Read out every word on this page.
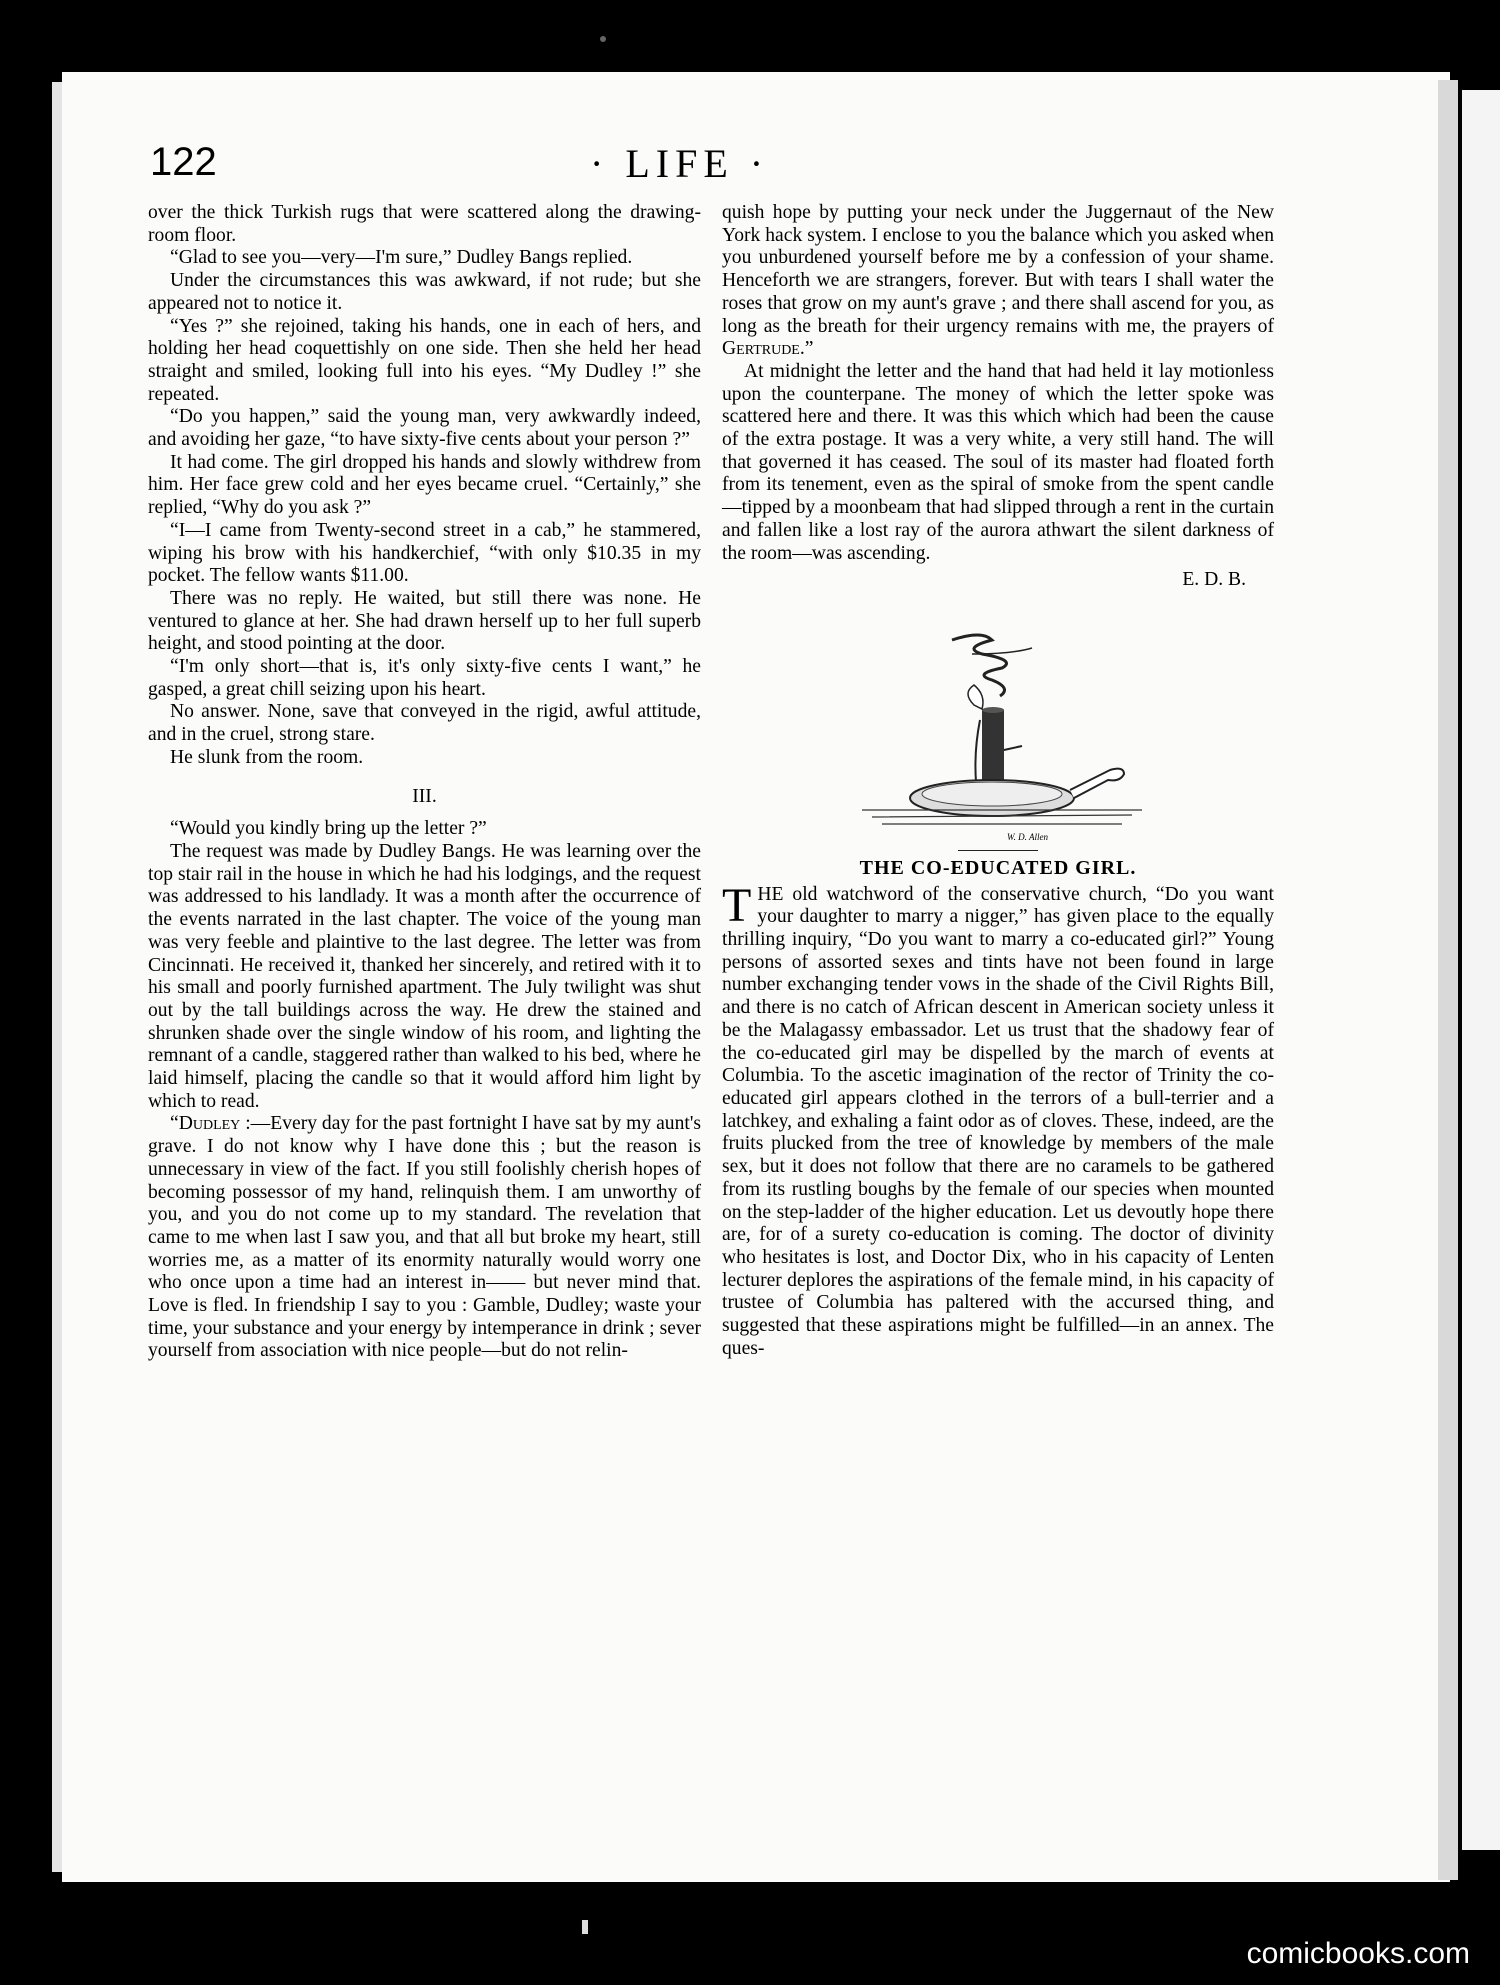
122	· LIFE ·

over the thick Turkish rugs that were scattered along the drawing-room floor.

“Glad to see you—very—I'm sure,” Dudley Bangs replied.

Under the circumstances this was awkward, if not rude; but she appeared not to notice it.

“Yes ?” she rejoined, taking his hands, one in each of hers, and holding her head coquettishly on one side. Then she held her head straight and smiled, looking full into his eyes. “My Dudley !” she repeated.

“Do you happen,” said the young man, very awkwardly indeed, and avoiding her gaze, “to have sixty-five cents about your person ?”

It had come. The girl dropped his hands and slowly withdrew from him. Her face grew cold and her eyes became cruel. “Certainly,” she replied, “Why do you ask ?”

“I—I came from Twenty-second street in a cab,” he stammered, wiping his brow with his handkerchief, “with only $10.35 in my pocket. The fellow wants $11.00.

There was no reply. He waited, but still there was none. He ventured to glance at her. She had drawn herself up to her full superb height, and stood pointing at the door.

“I'm only short—that is, it's only sixty-five cents I want,” he gasped, a great chill seizing upon his heart.

No answer. None, save that conveyed in the rigid, awful attitude, and in the cruel, strong stare.

He slunk from the room.

III.

“Would you kindly bring up the letter ?”

The request was made by Dudley Bangs. He was learning over the top stair rail in the house in which he had his lodgings, and the request was addressed to his landlady. It was a month after the occurrence of the events narrated in the last chapter. The voice of the young man was very feeble and plaintive to the last degree. The letter was from Cincinnati. He received it, thanked her sincerely, and retired with it to his small and poorly furnished apartment. The July twilight was shut out by the tall buildings across the way. He drew the stained and shrunken shade over the single window of his room, and lighting the remnant of a candle, staggered rather than walked to his bed, where he laid himself, placing the candle so that it would afford him light by which to read.

“Dudley :—Every day for the past fortnight I have sat by my aunt's grave. I do not know why I have done this ; but the reason is unnecessary in view of the fact. If you still foolishly cherish hopes of becoming possessor of my hand, relinquish them. I am unworthy of you, and you do not come up to my standard. The revelation that came to me when last I saw you, and that all but broke my heart, still worries me, as a matter of its enormity naturally would worry one who once upon a time had an interest in—— but never mind that. Love is fled. In friendship I say to you : Gamble, Dudley; waste your time, your substance and your energy by intemperance in drink ; sever yourself from association with nice people—but do not relin-

quish hope by putting your neck under the Juggernaut of the New York hack system. I enclose to you the balance which you asked when you unburdened yourself before me by a confession of your shame. Henceforth we are strangers, forever. But with tears I shall water the roses that grow on my aunt's grave ; and there shall ascend for you, as long as the breath for their urgency remains with me, the prayers of Gertrude.”

At midnight the letter and the hand that had held it lay motionless upon the counterpane. The money of which the letter spoke was scattered here and there. It was this which which had been the cause of the extra postage. It was a very white, a very still hand. The will that governed it has ceased. The soul of its master had floated forth from its tenement, even as the spiral of smoke from the spent candle—tipped by a moonbeam that had slipped through a rent in the curtain and fallen like a lost ray of the aurora athwart the silent darkness of the room—was ascending.

E. D. B.
W. D. Allen
THE CO-EDUCATED GIRL.

THE old watchword of the conservative church, “Do you want your daughter to marry a nigger,” has given place to the equally thrilling inquiry, “Do you want to marry a co-educated girl?” Young persons of assorted sexes and tints have not been found in large number exchanging tender vows in the shade of the Civil Rights Bill, and there is no catch of African descent in American society unless it be the Malagassy embassador. Let us trust that the shadowy fear of the co-educated girl may be dispelled by the march of events at Columbia. To the ascetic imagination of the rector of Trinity the co-educated girl appears clothed in the terrors of a bull-terrier and a latchkey, and exhaling a faint odor as of cloves. These, indeed, are the fruits plucked from the tree of knowledge by members of the male sex, but it does not follow that there are no caramels to be gathered from its rustling boughs by the female of our species when mounted on the step-ladder of the higher education. Let us devoutly hope there are, for of a surety co-education is coming. The doctor of divinity who hesitates is lost, and Doctor Dix, who in his capacity of Lenten lecturer deplores the aspirations of the female mind, in his capacity of trustee of Columbia has paltered with the accursed thing, and suggested that these aspirations might be fulfilled—in an annex. The ques-

comicbooks.com
